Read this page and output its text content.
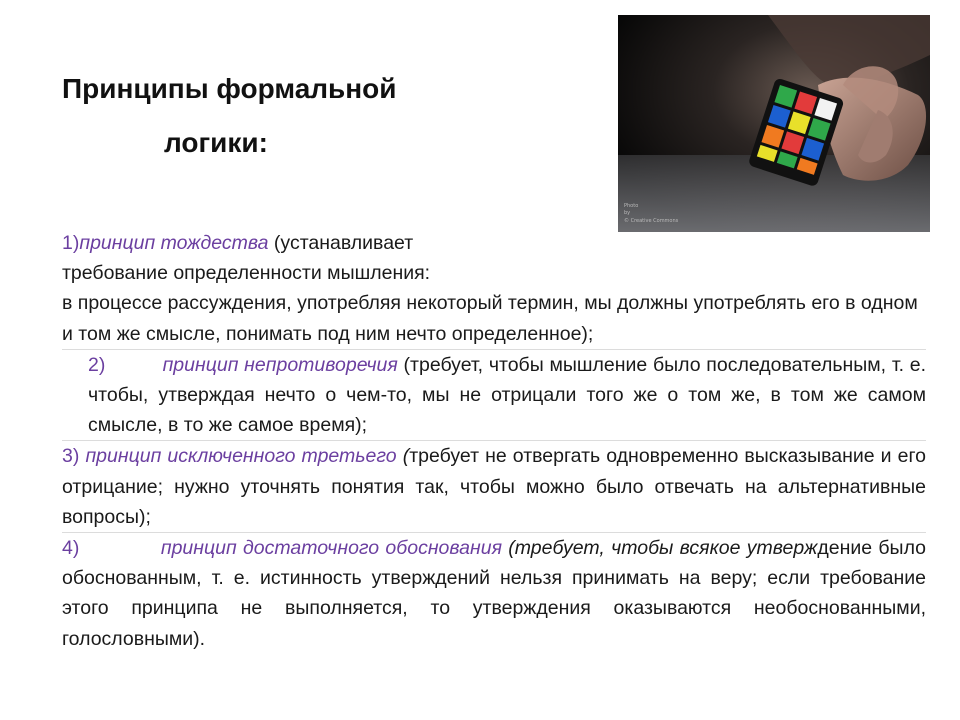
Принципы формальной
логики:
Photo
by
© Creative Commons

1)принцип тождества (устанавливает
требование определенности мышления:
в процессе рассуждения, употребляя некоторый термин, мы должны употреблять его в одном и том же смысле, понимать под ним нечто определенное);

2)	принцип непротиворечия (требует, чтобы мышление было последовательным, т. е. чтобы, утверждая нечто о чем-то, мы не отрицали того же о том же, в том же самом смысле, в то же самое время);

3) принцип исключенного третьего (требует не отвергать одновременно высказывание и его отрицание; нужно уточнять понятия так, чтобы можно было отвечать на альтернативные вопросы);

4)	принцип достаточного обоснования (требует, чтобы всякое утверждение было обоснованным, т. е. истинность утверждений нельзя принимать на веру; если требование этого принципа не выполняется, то утверждения оказываются необоснованными, голословными).
